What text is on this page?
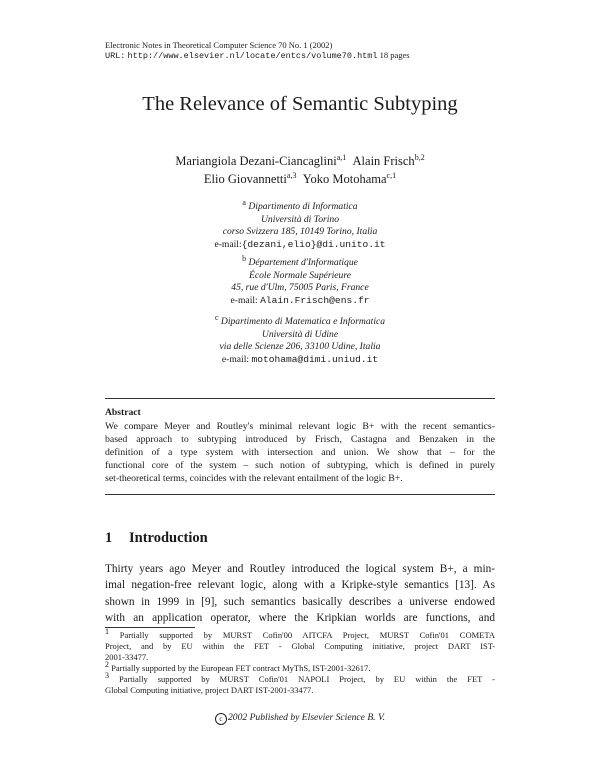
Electronic Notes in Theoretical Computer Science 70 No. 1 (2002)
URL: http://www.elsevier.nl/locate/entcs/volume70.html 18 pages
The Relevance of Semantic Subtyping
Mariangiola Dezani-Ciancaglini$^{a,1}$ Alain Frisch$^{b,2}$
Elio Giovannetti$^{a,3}$ Yoko Motohama$^{c,1}$
$^a$ Dipartimento di Informatica
Università di Torino
corso Svizzera 185, 10149 Torino, Italia
e-mail:{dezani,elio}@di.unito.it
$^b$ Département d'Informatique
École Normale Supérieure
45, rue d'Ulm, 75005 Paris, France
e-mail: Alain.Frisch@ens.fr
$^c$ Dipartimento di Matematica e Informatica
Università di Udine
via delle Scienze 206, 33100 Udine, Italia
e-mail: motohama@dimi.uniud.it
Abstract
We compare Meyer and Routley's minimal relevant logic B+ with the recent semantics-
based approach to subtyping introduced by Frisch, Castagna and Benzaken in the
definition of a type system with intersection and union. We show that – for the
functional core of the system – such notion of subtyping, which is defined in purely
set-theoretical terms, coincides with the relevant entailment of the logic B+.
1 Introduction
Thirty years ago Meyer and Routley introduced the logical system B+, a min-
imal negation-free relevant logic, along with a Kripke-style semantics [13]. As
shown in 1999 in [9], such semantics basically describes a universe endowed
with an application operator, where the Kripkian worlds are functions, and
1 Partially supported by MURST Cofin'00 AITCFA Project, MURST Cofin'01 COMETA
Project, and by EU within the FET - Global Computing initiative, project DART IST-
2001-33477.
2 Partially supported by the European FET contract MyThS, IST-2001-32617.
3 Partially supported by MURST Cofin'01 NAPOLI Project, by EU within the FET -
Global Computing initiative, project DART IST-2001-33477.
c 2002 Published by Elsevier Science B. V.
